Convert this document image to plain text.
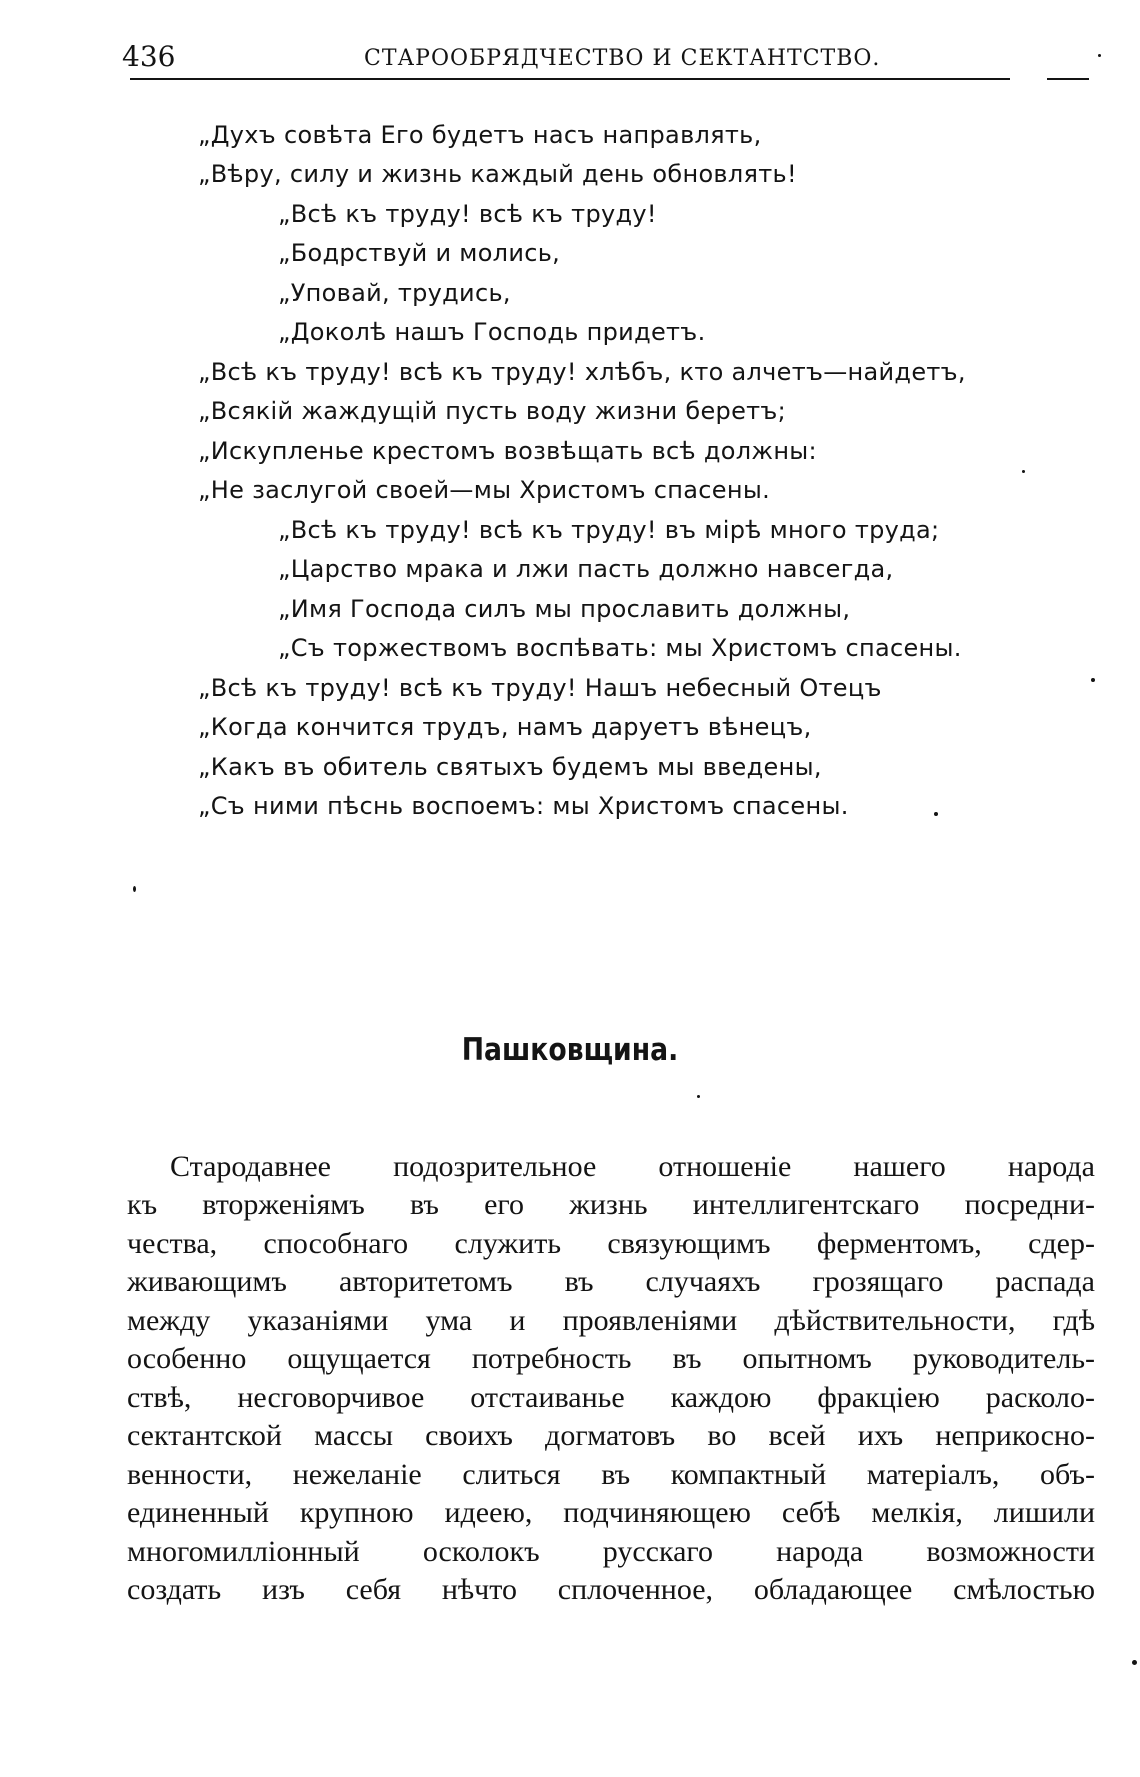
436	СТАРООБРЯДЧЕСТВО И СЕКТАНТСТВО.
„Духъ совѣта Его будетъ насъ направлять,
„Вѣру, силу и жизнь каждый день обновлять!
„Всѣ къ труду! всѣ къ труду!
„Бодрствуй и молись,
„Уповай, трудись,
„Доколѣ нашъ Господь придетъ.
„Всѣ къ труду! всѣ къ труду! хлѣбъ, кто алчетъ—найдетъ,
„Всякій жаждущій пусть воду жизни беретъ;
„Искупленье крестомъ возвѣщать всѣ должны:
„Не заслугой своей—мы Христомъ спасены.
„Всѣ къ труду! всѣ къ труду! въ мірѣ много труда;
„Царство мрака и лжи пасть должно навсегда,
„Имя Господа силъ мы прославить должны,
„Съ торжествомъ воспѣвать: мы Христомъ спасены.
„Всѣ къ труду! всѣ къ труду! Нашъ небесный Отецъ
„Когда кончится трудъ, намъ даруетъ вѣнецъ,
„Какъ въ обитель святыхъ будемъ мы введены,
„Съ ними пѣснь воспоемъ: мы Христомъ спасены.
Пашковщина.
Стародавнее подозрительное отношеніе нашего народа
къ вторженіямъ въ его жизнь интеллигентскаго посредни-
чества, способнаго служить связующимъ ферментомъ, сдер-
живающимъ авторитетомъ въ случаяхъ грозящаго распада
между указаніями ума и проявленіями дѣйствительности, гдѣ
особенно ощущается потребность въ опытномъ руководитель-
ствѣ, несговорчивое отстаиванье каждою фракціею расколо-
сектантской массы своихъ догматовъ во всей ихъ неприкосно-
венности, нежеланіе слиться въ компактный матеріалъ, объ-
единенный крупною идеею, подчиняющею себѣ мелкія, лишили
многомилліонный осколокъ русскаго народа возможности
создать изъ себя нѣчто сплоченное, обладающее смѣлостью
